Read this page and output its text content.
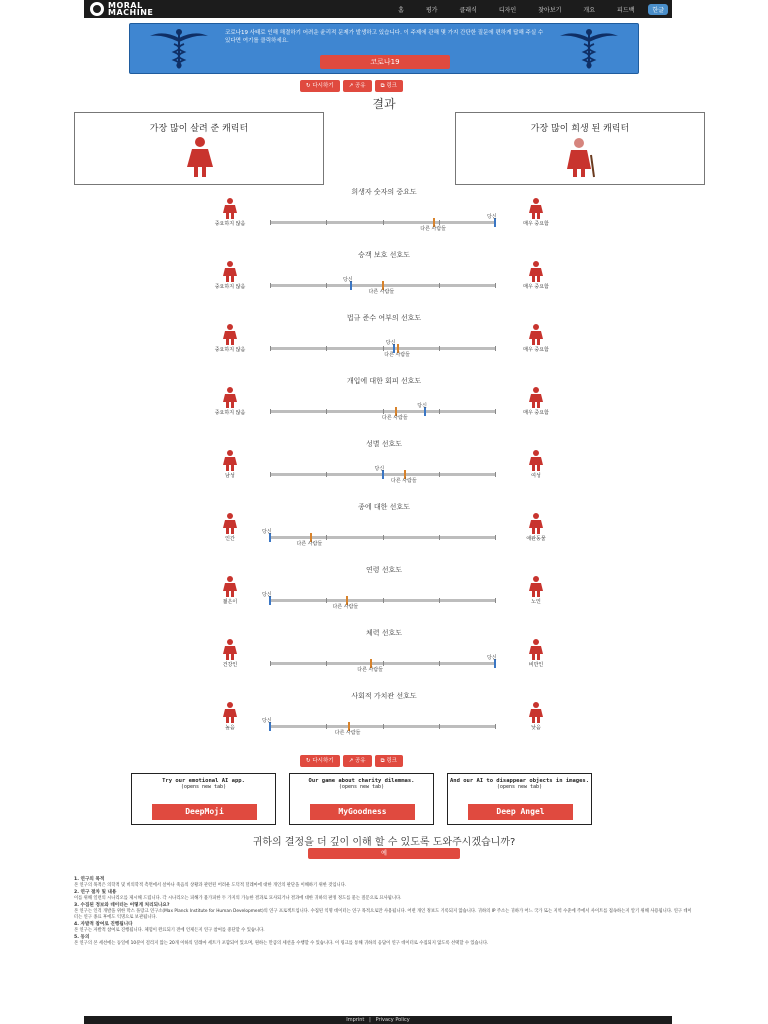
MORAL
MACHINE	홈	평가	클래식	디자인	찾아보기	개요	피드백	한글
코로나19 사태로 인해 해결하기 어려운 윤리적 문제가 발생하고 있습니다. 이 주제에 관해 몇 가지 간단한 질문에 편하게 답해 주실 수 있다면 여기를 클릭하세요.
코로나19
↻ 다시하기	↗ 공유	⧉ 링크
결과
가장 많이 살려 준 캐릭터	가장 많이 희생 된 캐릭터
희생자 숫자의 중요도
중요하지 않음	매우 중요함
당신
다른 사람들
승객 보호 선호도
중요하지 않음	매우 중요함
당신
다른 사람들
법규 준수 여부의 선호도
중요하지 않음	매우 중요함
당신
다른 사람들
개입에 대한 회피 선호도
중요하지 않음	매우 중요함
당신
다른 사람들
성별 선호도
남성	여성
당신
다른 사람들
종에 대한 선호도
인간	애완동물
당신
다른 사람들
연령 선호도
젊은이	노인
당신
다른 사람들
체력 선호도
건강인	비만인
당신
다른 사람들
사회적 가치관 선호도
높음	낮음
당신
다른 사람들
↻ 다시하기	↗ 공유	⧉ 링크
Try our emotional AI app.
(opens new tab)
DeepMoji
Our game about charity dilemmas.
(opens new tab)
MyGoodness
And our AI to disappear objects in images.
(opens new tab)
Deep Angel
귀하의 결정을 더 깊이 이해 할 수 있도록 도와주시겠습니까?
예
1. 연구의 목적

본 연구의 목적은 의학적 및 비의학적 측면에서 살아나 죽음의 상황과 관련된 어려운 도덕적 딜레마에 대한 개인의 판단을 이해하기 위한 것입니다.

2. 연구 절차 및 내용

이를 위해 일련의 시나리오를 제시해 드립니다. 각 시나리오는 피해가 불가피한 두 가지의 가능한 결과로 묘사되거나 결과에 대한 귀하의 판정 정도를 묻는 질문으로 묘사됩니다.

3. 수집된 정보와 데이터는 어떻게 처리되나요?

본 연구는 인격 개발을 위한 막스 플랑크 연구소(Max Planck Institute for Human Development)의 연구 프로젝트입니다. 수집된 익명 데이터는 연구 목적으로만 사용됩니다. 어떤 개인 정보도 기록되지 않습니다. 귀하의 IP 주소는 귀하가 어느 국가 또는 지역 수준에 주에서 사이트를 접속하는지 알기 위해 사용됩니다. 연구 데이터는 연구 종료 후에도 익명으로 보관됩니다.

4. 자발적 참여로 진행됩니다

본 연구는 자발적 참여로 진행됩니다. 체험이 완료되기 전에 언제든지 연구 참여를 중단할 수 있습니다.

5. 동의

본 연구의 본 세션에는 동일에 10분이 걸리지 않는 20개 이하의 딜레마 세트가 포함되어 있으며, 원하는 만큼의 세션을 수행할 수 있습니다. 이 링크를 통해 귀하의 응답이 연구 데이터로 수집되지 않도록 선택할 수 있습니다.

Imprint | Privacy Policy
